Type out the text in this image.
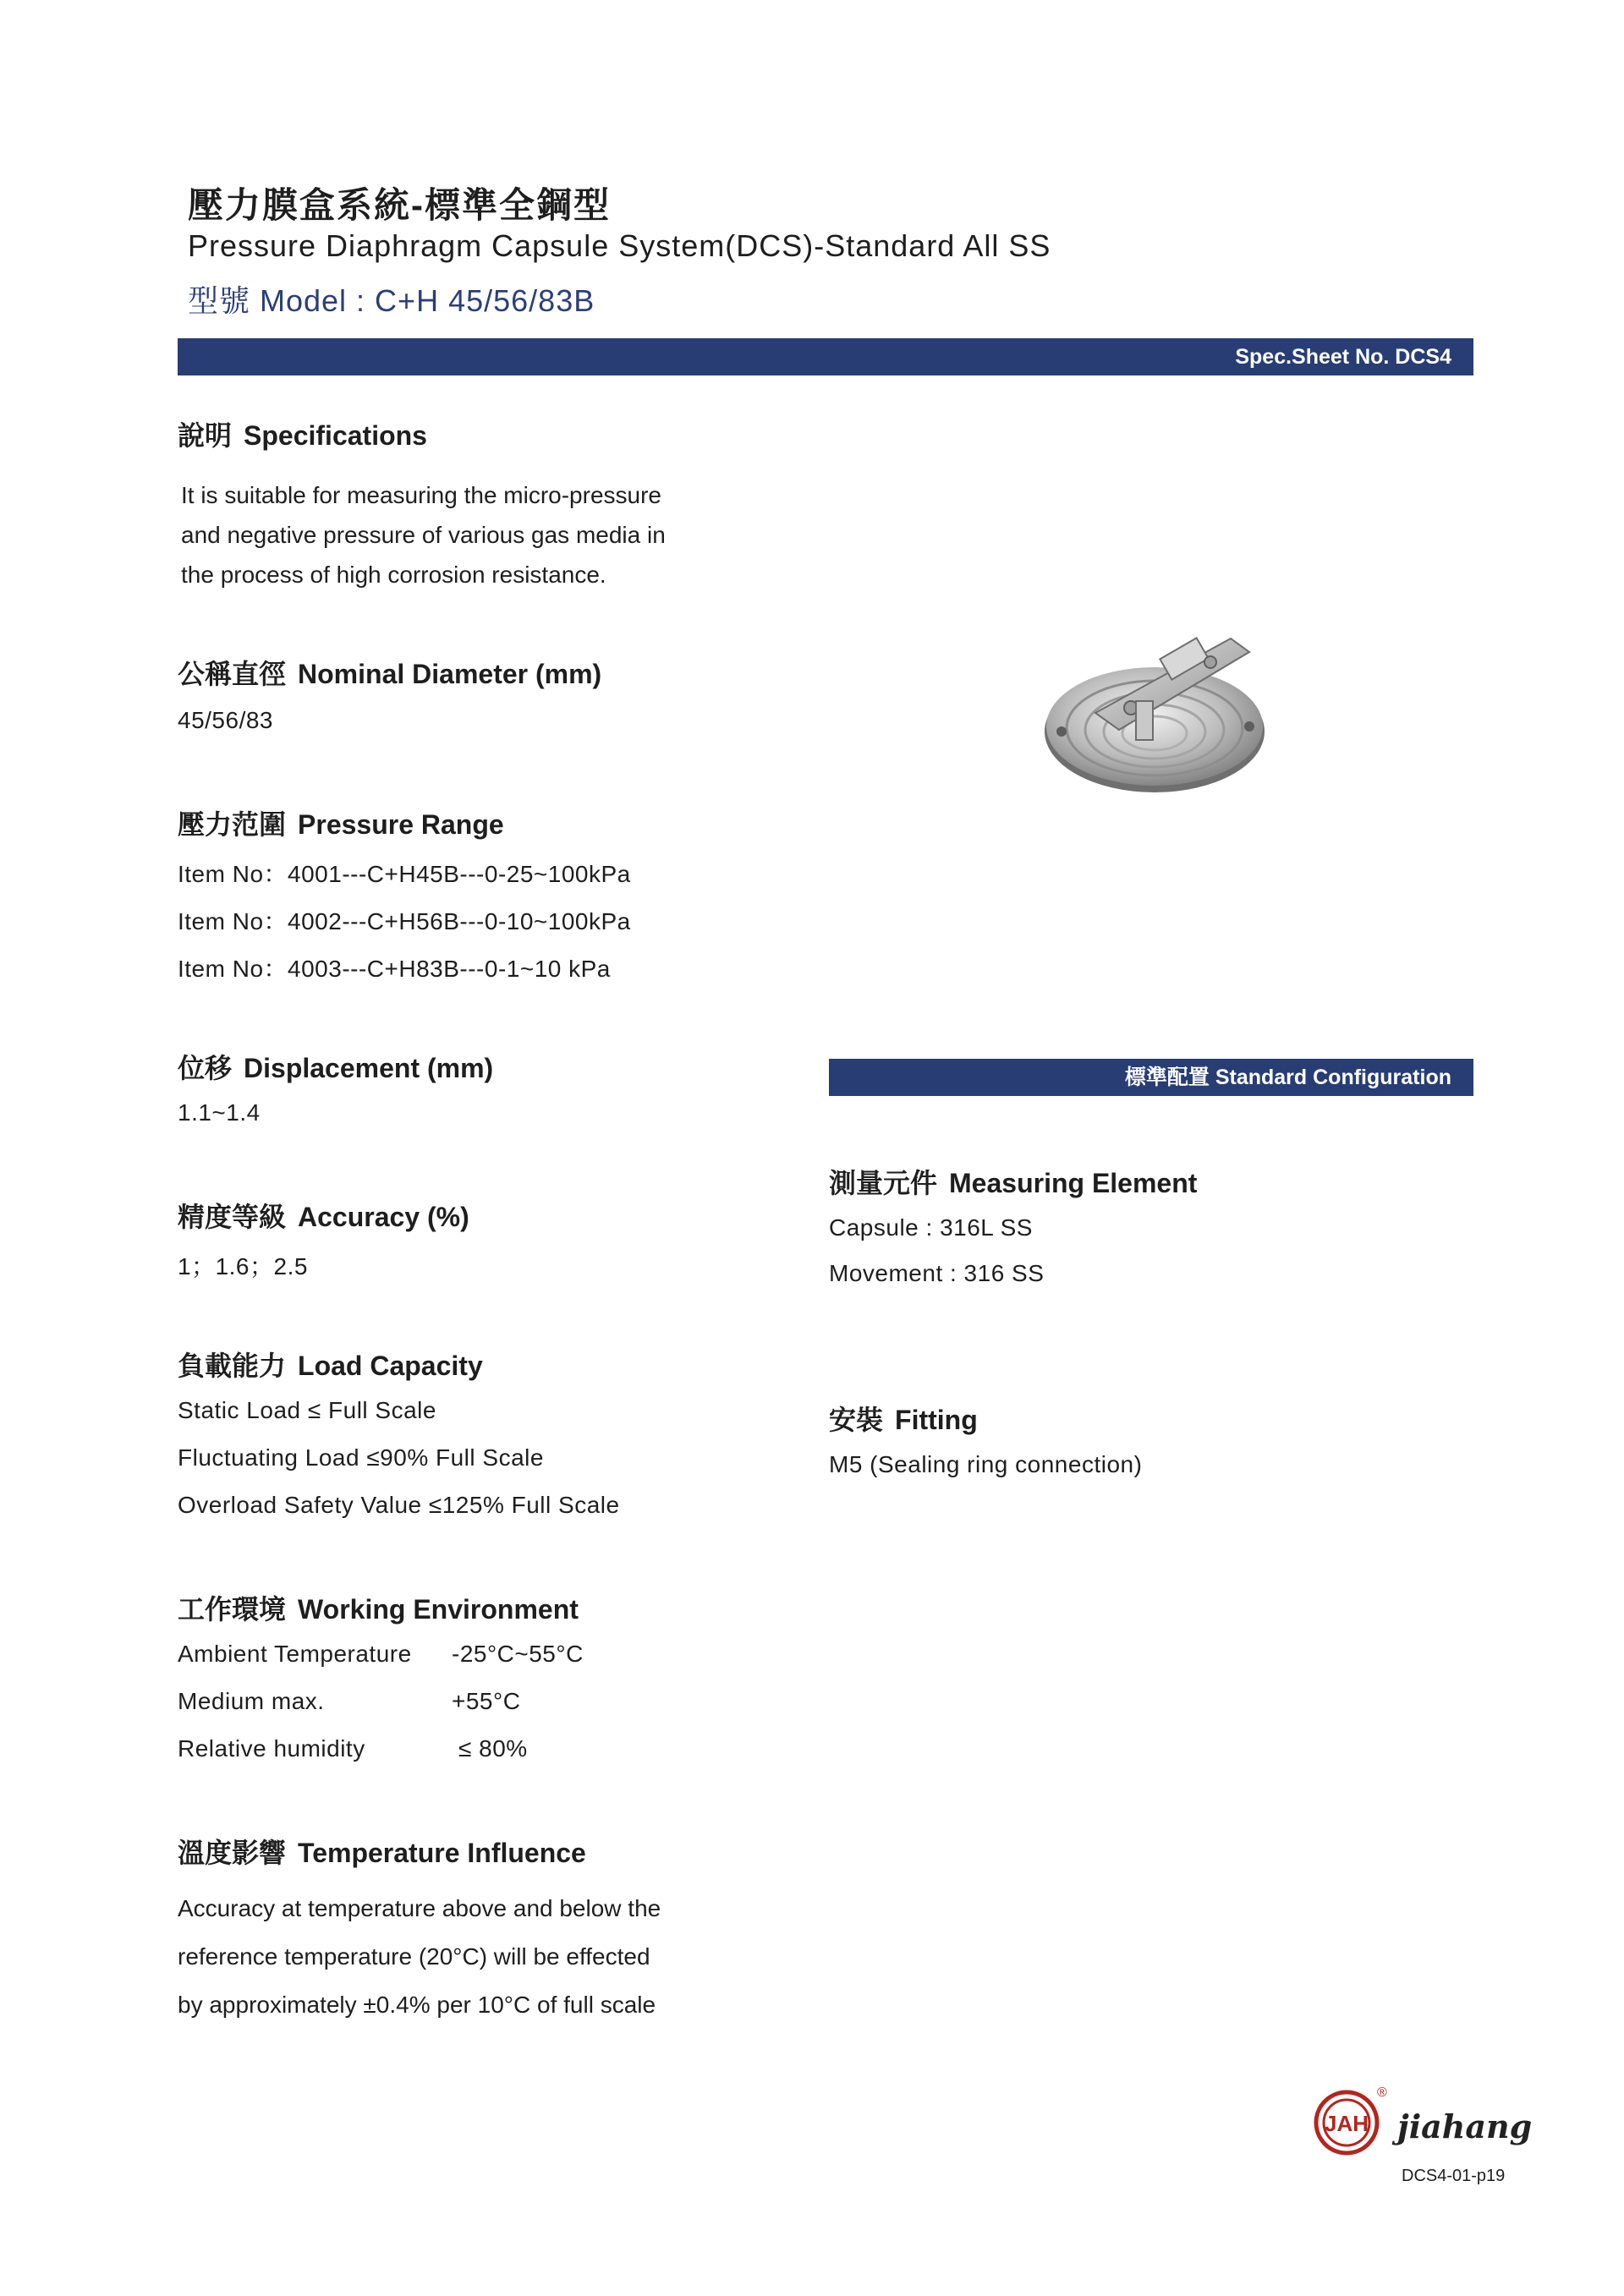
壓力膜盒系統-標準全鋼型
Pressure Diaphragm Capsule System(DCS)-Standard All SS
型號 Model : C+H 45/56/83B
Spec.Sheet No. DCS4
說明 Specifications
It is suitable for measuring the micro-pressure
and negative pressure of various gas media in
the process of high corrosion resistance.
公稱直徑 Nominal Diameter (mm)
45/56/83
壓力范圍 Pressure Range
Item No：4001---C+H45B---0-25~100kPa
Item No：4002---C+H56B---0-10~100kPa
Item No：4003---C+H83B---0-1~10 kPa
位移 Displacement (mm)
1.1~1.4
精度等級 Accuracy (%)
1；1.6；2.5
負載能力 Load Capacity
Static Load ≤ Full Scale
Fluctuating Load ≤90% Full Scale
Overload Safety Value ≤125% Full Scale
工作環境 Working Environment
Ambient Temperature -25°C~55°C
Medium max.	+55°C
Relative humidity	≤ 80%
溫度影響 Temperature Influence
Accuracy at temperature above and below the
reference temperature (20°C) will be effected
by approximately ±0.4% per 10°C of full scale
標準配置 Standard Configuration
測量元件 Measuring Element
Capsule : 316L SS
Movement : 316 SS
安裝 Fitting
M5 (Sealing ring connection)
JAH
®
jiahang
DCS4-01-p19
